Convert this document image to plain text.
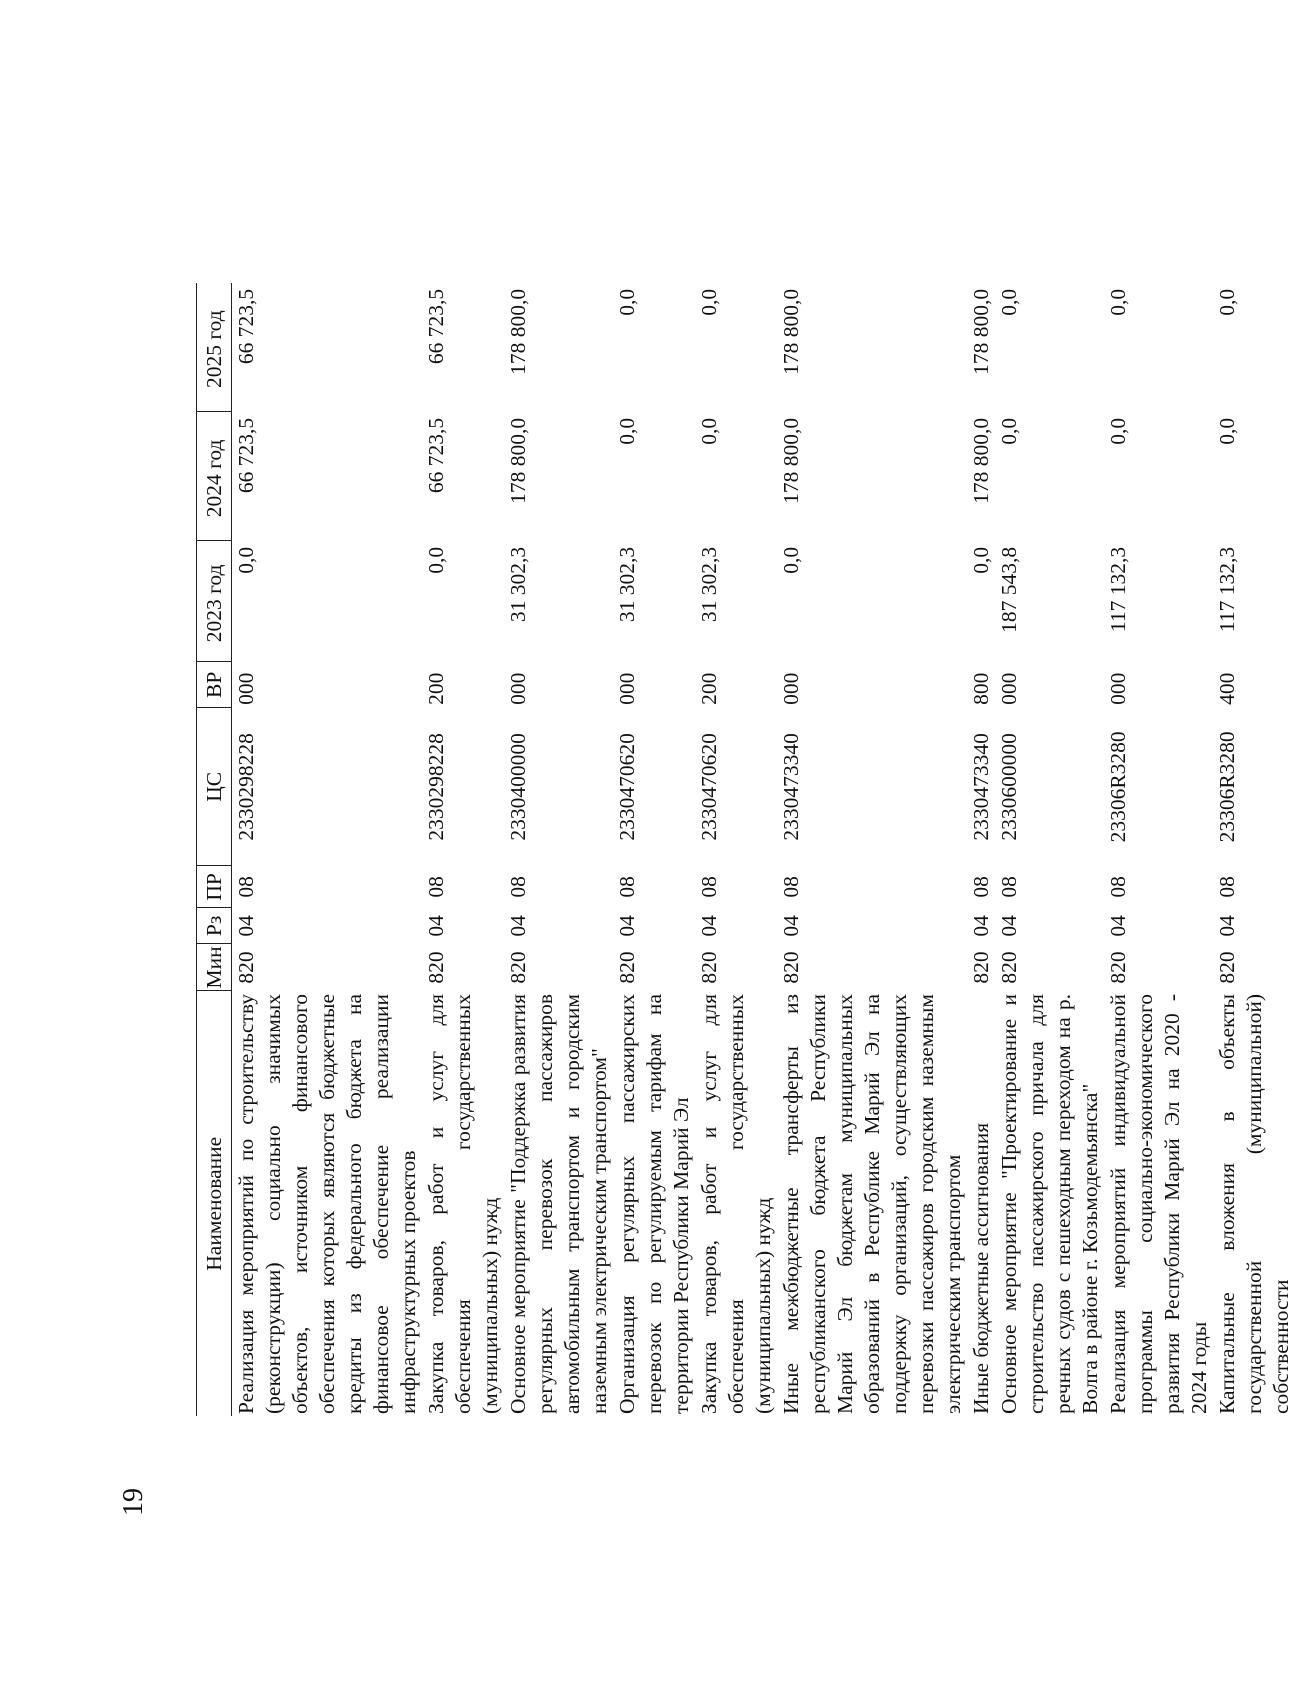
19
Наименование	Мин	Рз	ПР	ЦС	ВР	2023 год	2024 год	2025 год
Реализация мероприятий по строительству (реконструкции) социально значимых объектов, источником финансового обеспечения которых являются бюджетные кредиты из федерального бюджета на финансовое обеспечение реализации инфраструктурных проектов	820	04	08	2330298228	000	0,0	66 723,5	66 723,5
Закупка товаров, работ и услуг для обеспечения государственных (муниципальных) нужд	820	04	08	2330298228	200	0,0	66 723,5	66 723,5
Основное мероприятие "Поддержка развития регулярных перевозок пассажиров автомобильным транспортом и городским наземным электрическим транспортом"	820	04	08	2330400000	000	31 302,3	178 800,0	178 800,0
Организация регулярных пассажирских перевозок по регулируемым тарифам на территории Республики Марий Эл	820	04	08	2330470620	000	31 302,3	0,0	0,0
Закупка товаров, работ и услуг для обеспечения государственных (муниципальных) нужд	820	04	08	2330470620	200	31 302,3	0,0	0,0
Иные межбюджетные трансферты из республиканского бюджета Республики Марий Эл бюджетам муниципальных образований в Республике Марий Эл на поддержку организаций, осуществляющих перевозки пассажиров городским наземным электрическим транспортом	820	04	08	2330473340	000	0,0	178 800,0	178 800,0
Иные бюджетные ассигнования	820	04	08	2330473340	800	0,0	178 800,0	178 800,0
Основное мероприятие "Проектирование и строительство пассажирского причала для речных судов с пешеходным переходом на р. Волга в районе г. Козьмодемьянска"	820	04	08	2330600000	000	187 543,8	0,0	0,0
Реализация мероприятий индивидуальной программы социально-экономического развития Республики Марий Эл на 2020 - 2024 годы	820	04	08	23306R3280	000	117 132,3	0,0	0,0
Капитальные вложения в объекты государственной (муниципальной) собственности	820	04	08	23306R3280	400	117 132,3	0,0	0,0
